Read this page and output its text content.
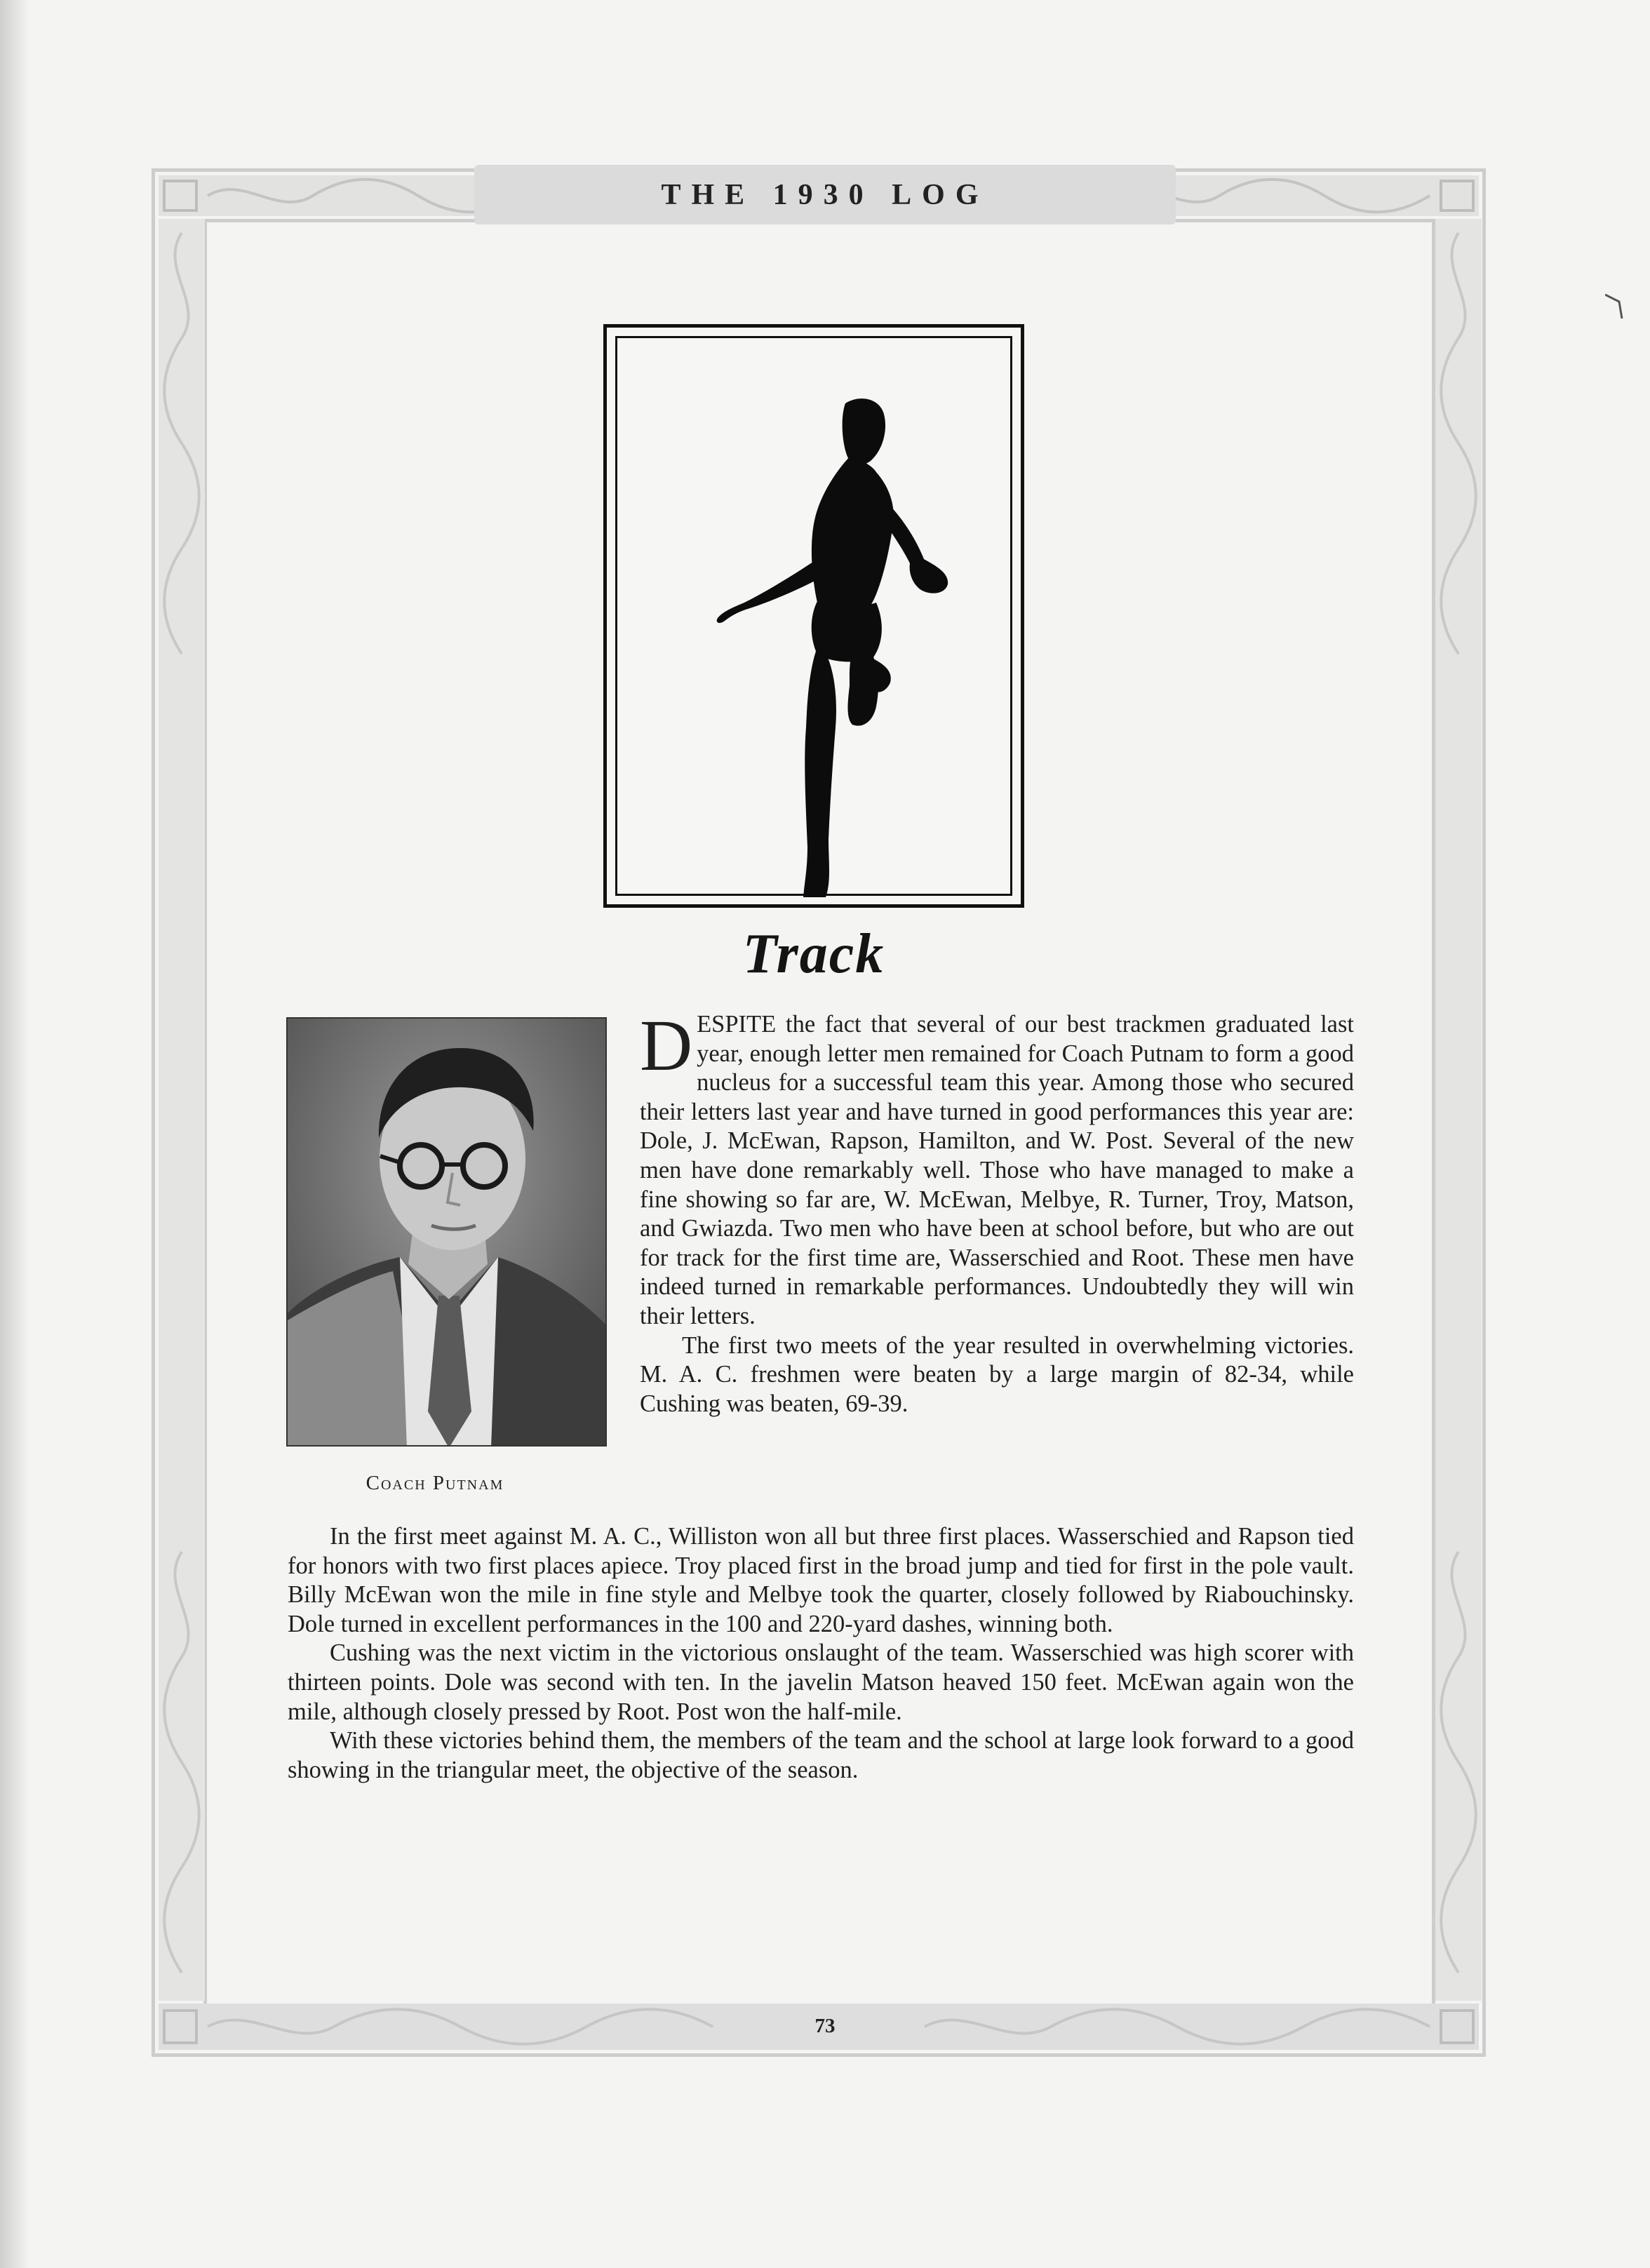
THE 1930 LOG
Track
Coach Putnam

DESPITE the fact that several of our best trackmen graduated last year, enough letter men remained for Coach Putnam to form a good nucleus for a successful team this year. Among those who secured their letters last year and have turned in good performances this year are: Dole, J. McEwan, Rapson, Hamilton, and W. Post. Several of the new men have done remarkably well. Those who have managed to make a fine showing so far are, W. McEwan, Melbye, R. Turner, Troy, Matson, and Gwiazda. Two men who have been at school before, but who are out for track for the first time are, Wasserschied and Root. These men have indeed turned in remarkable performances. Undoubtedly they will win their letters.

The first two meets of the year resulted in overwhelming victories. M. A. C. freshmen were beaten by a large margin of 82-34, while Cushing was beaten, 69-39.

In the first meet against M. A. C., Williston won all but three first places. Wasserschied and Rapson tied for honors with two first places apiece. Troy placed first in the broad jump and tied for first in the pole vault. Billy McEwan won the mile in fine style and Melbye took the quarter, closely followed by Riabouchinsky. Dole turned in excellent performances in the 100 and 220-yard dashes, winning both.

Cushing was the next victim in the victorious onslaught of the team. Wasserschied was high scorer with thirteen points. Dole was second with ten. In the javelin Matson heaved 150 feet. McEwan again won the mile, although closely pressed by Root. Post won the half-mile.

With these victories behind them, the members of the team and the school at large look forward to a good showing in the triangular meet, the objective of the season.

73
